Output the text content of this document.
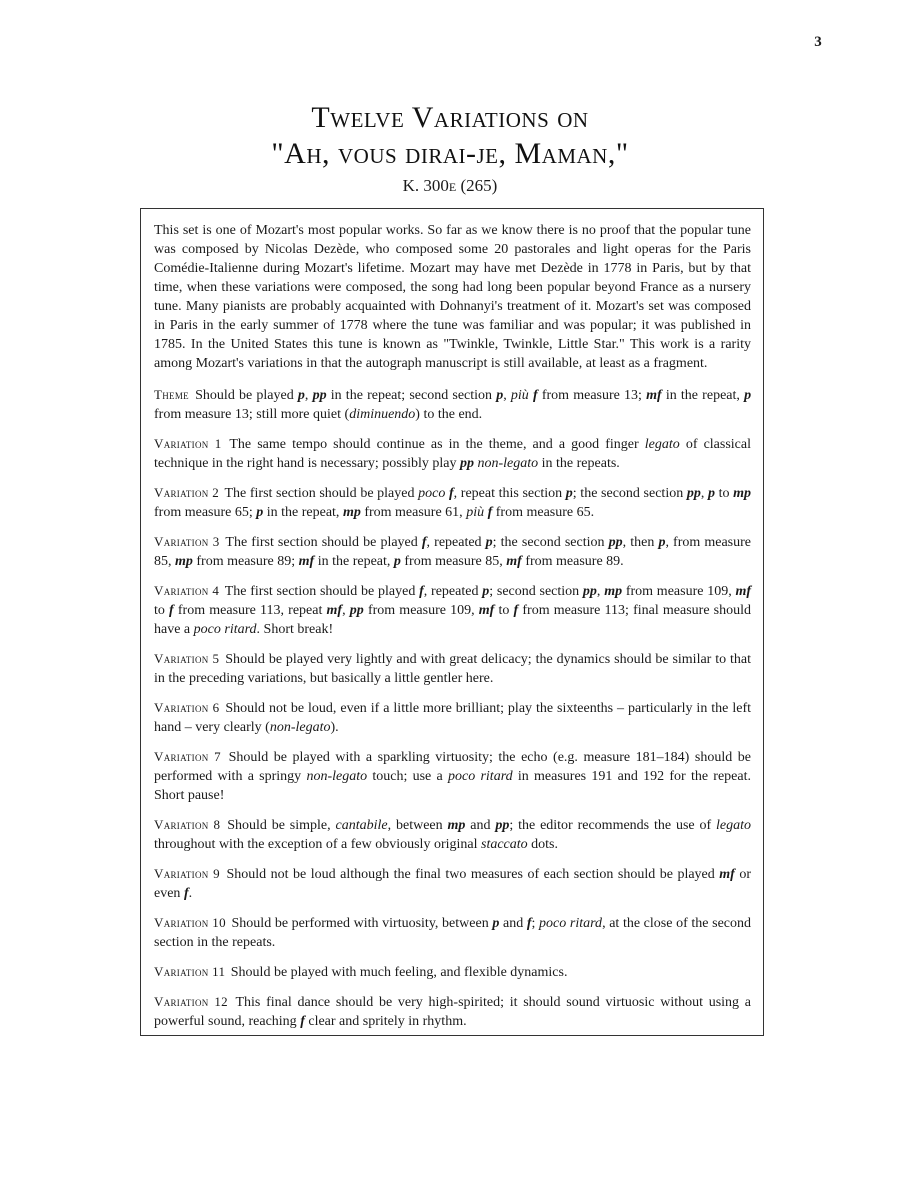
3
Twelve Variations on
"Ah, vous dirai-je, Maman,"
K. 300e (265)

This set is one of Mozart's most popular works. So far as we know there is no proof that the popular tune was composed by Nicolas Dezède, who composed some 20 pastorales and light operas for the Paris Comédie-Italienne during Mozart's lifetime. Mozart may have met Dezède in 1778 in Paris, but by that time, when these variations were composed, the song had long been popular beyond France as a nursery tune. Many pianists are probably acquainted with Dohnanyi's treatment of it. Mozart's set was composed in Paris in the early summer of 1778 where the tune was familiar and was popular; it was published in 1785. In the United States this tune is known as "Twinkle, Twinkle, Little Star." This work is a rarity among Mozart's variations in that the autograph manuscript is still available, at least as a fragment.

Theme Should be played p, pp in the repeat; second section p, più f from measure 13; mf in the repeat, p from measure 13; still more quiet (diminuendo) to the end.

Variation 1 The same tempo should continue as in the theme, and a good finger legato of classical technique in the right hand is necessary; possibly play pp non-legato in the repeats.

Variation 2 The first section should be played poco f, repeat this section p; the second section pp, p to mp from measure 65; p in the repeat, mp from measure 61, più f from measure 65.

Variation 3 The first section should be played f, repeated p; the second section pp, then p, from measure 85, mp from measure 89; mf in the repeat, p from measure 85, mf from measure 89.

Variation 4 The first section should be played f, repeated p; second section pp, mp from measure 109, mf to f from measure 113, repeat mf, pp from measure 109, mf to f from measure 113; final measure should have a poco ritard. Short break!

Variation 5 Should be played very lightly and with great delicacy; the dynamics should be similar to that in the preceding variations, but basically a little gentler here.

Variation 6 Should not be loud, even if a little more brilliant; play the sixteenths – particularly in the left hand – very clearly (non-legato).

Variation 7 Should be played with a sparkling virtuosity; the echo (e.g. measure 181–184) should be performed with a springy non-legato touch; use a poco ritard in measures 191 and 192 for the repeat. Short pause!

Variation 8 Should be simple, cantabile, between mp and pp; the editor recommends the use of legato throughout with the exception of a few obviously original staccato dots.

Variation 9 Should not be loud although the final two measures of each section should be played mf or even f.

Variation 10 Should be performed with virtuosity, between p and f; poco ritard, at the close of the second section in the repeats.

Variation 11 Should be played with much feeling, and flexible dynamics.

Variation 12 This final dance should be very high-spirited; it should sound virtuosic without using a powerful sound, reaching f clear and spritely in rhythm.
